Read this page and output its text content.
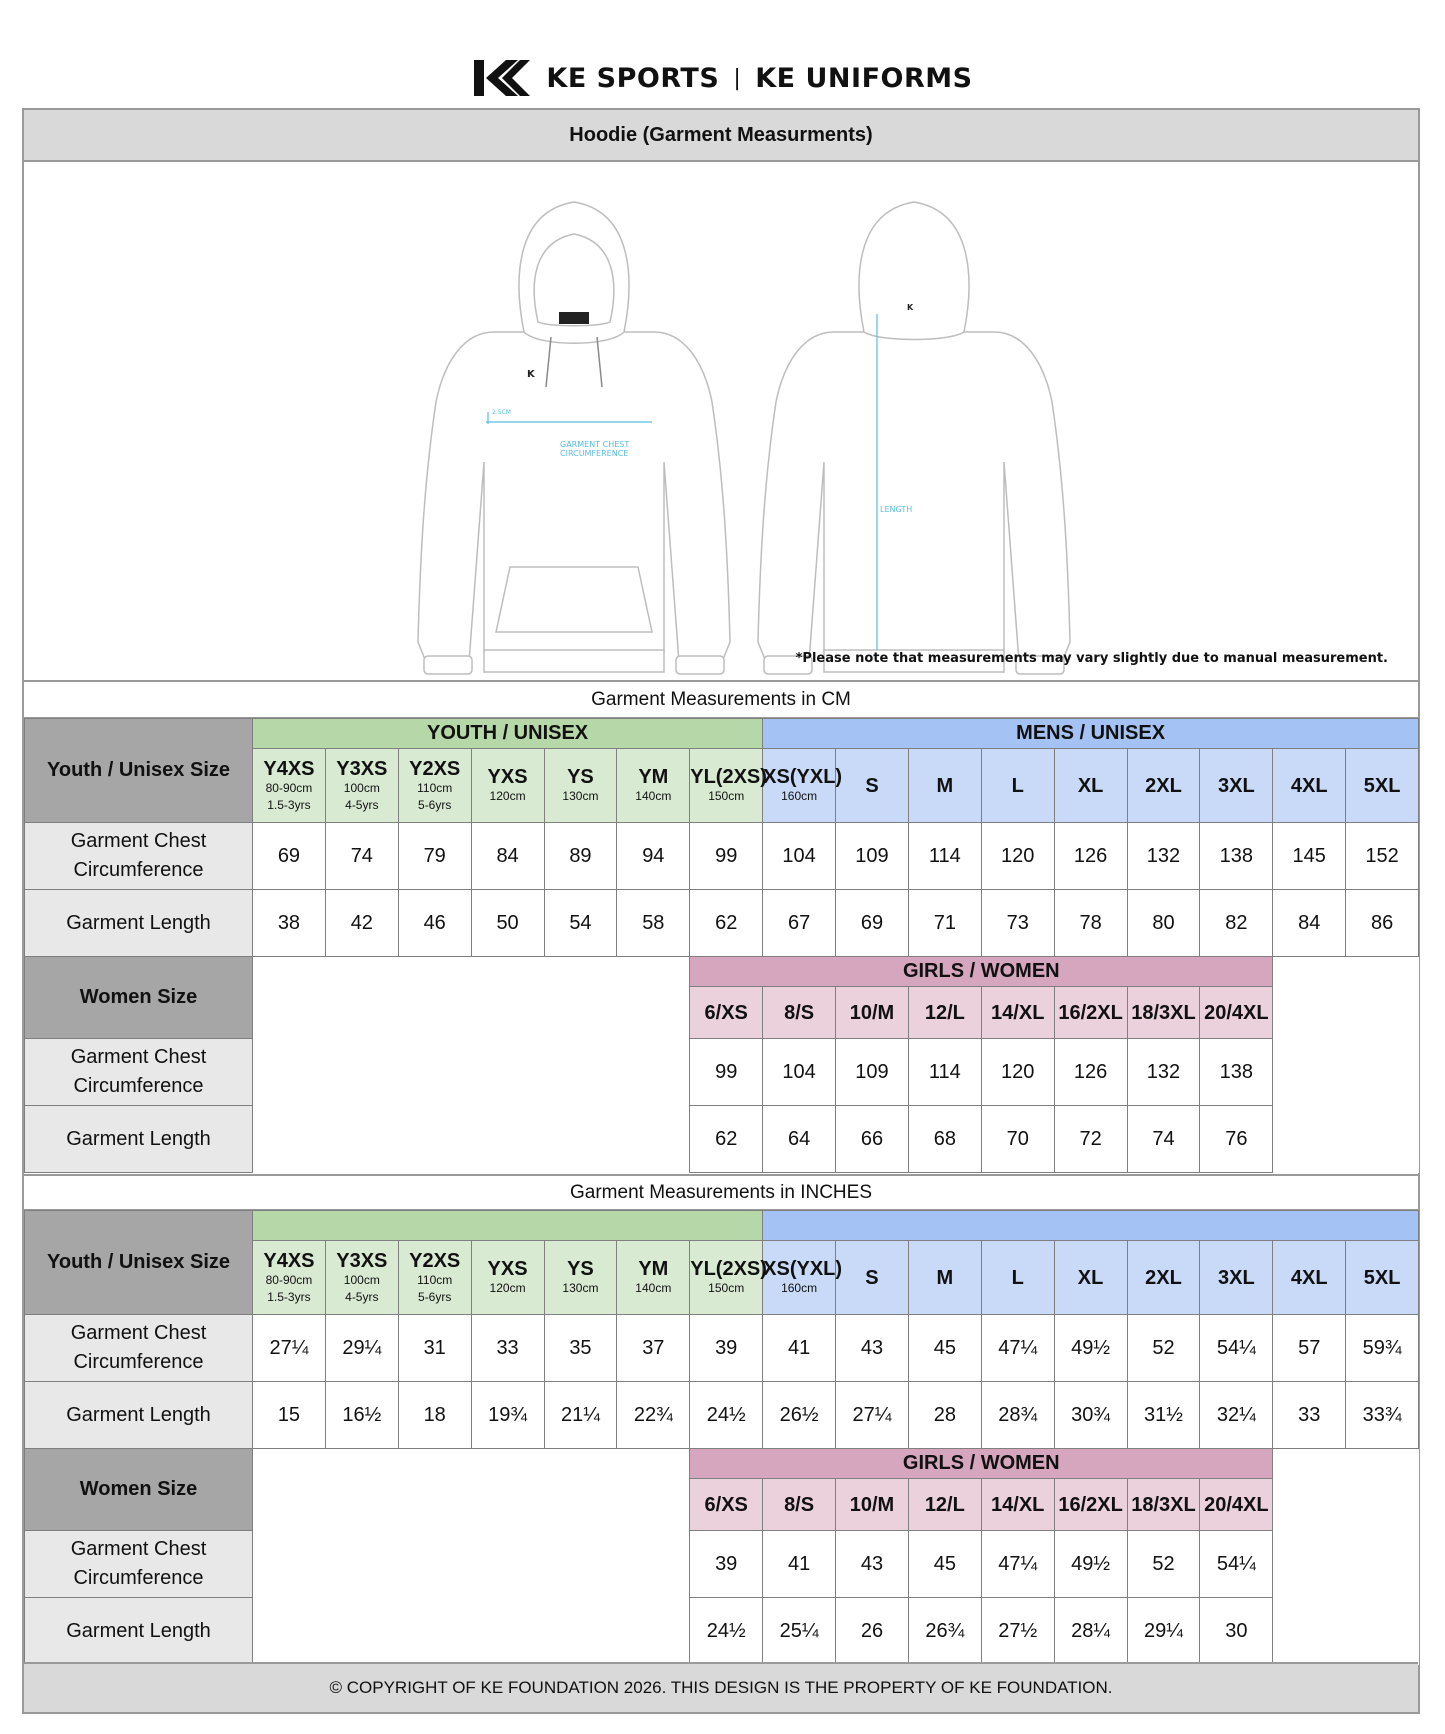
KE SPORTS | KE UNIFORMS
Hoodie (Garment Measurments)
K
K
2.5CM
GARMENT CHEST
CIRCUMFERENCE
LENGTH
*Please note that measurements may vary slightly due to manual measurement.
Garment Measurements in CM
Youth / Unisex Size	YOUTH / UNISEX							MENS / UNISEX								
	Y4XS
80-90cm
1.5-3yrs	Y3XS
100cm
4-5yrs	Y2XS
110cm
5-6yrs	YXS
120cm	YS
130cm	YM
140cm	YL(2XS)
150cm	XS(YXL)
160cm	S	M	L	XL	2XL	3XL	4XL	5XL
Garment Chest
Circumference	69	74	79	84	89	94	99	104	109	114	120	126	132	138	145	152
Garment Length	38	42	46	50	54	58	62	67	69	71	73	78	80	82	84	86
Women Size							GIRLS / WOMEN									
							6/XS	8/S	10/M	12/L	14/XL	16/2XL	18/3XL	20/4XL		
Garment Chest
Circumference							99	104	109	114	120	126	132	138		
Garment Length							62	64	66	68	70	72	74	76		
Garment Measurements in INCHES
Youth / Unisex Size																
	Y4XS
80-90cm
1.5-3yrs	Y3XS
100cm
4-5yrs	Y2XS
110cm
5-6yrs	YXS
120cm	YS
130cm	YM
140cm	YL(2XS)
150cm	XS(YXL)
160cm	S	M	L	XL	2XL	3XL	4XL	5XL
Garment Chest
Circumference	27¼	29¼	31	33	35	37	39	41	43	45	47¼	49½	52	54¼	57	59¾
Garment Length	15	16½	18	19¾	21¼	22¾	24½	26½	27¼	28	28¾	30¾	31½	32¼	33	33¾
Women Size							GIRLS / WOMEN									
							6/XS	8/S	10/M	12/L	14/XL	16/2XL	18/3XL	20/4XL		
Garment Chest
Circumference							39	41	43	45	47¼	49½	52	54¼		
Garment Length							24½	25¼	26	26¾	27½	28¼	29¼	30		
© COPYRIGHT OF KE FOUNDATION 2026. THIS DESIGN IS THE PROPERTY OF KE FOUNDATION.
